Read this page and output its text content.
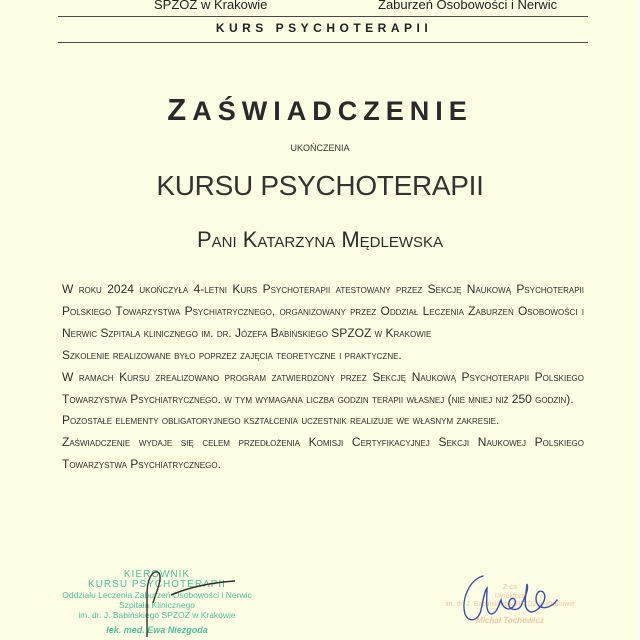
SPZOZ w Krakowie	Zaburzeń Osobowości i Nerwic
KURS PSYCHOTERAPII
ZAŚWIADCZENIE
UKOŃCZENIA
KURSU PSYCHOTERAPII
Pani Katarzyna Mędlewska

W roku 2024 ukończyła 4-letni Kurs Psychoterapii atestowany przez Sekcję Naukową Psychoterapii Polskiego Towarzystwa Psychiatrycznego, organizowany przez Oddział Leczenia Zaburzeń Osobowości i Nerwic Szpitala klinicznego im. dr. Józefa Babińskiego SPZOZ w Krakowie

Szkolenie realizowane było poprzez zajęcia teoretyczne i praktyczne.

W ramach Kursu zrealizowano program zatwierdzony przez Sekcję Naukową Psychoterapii Polskiego Towarzystwa Psychiatrycznego. w tym wymagana liczba godzin terapii własnej (nie mniej niż 250 godzin).

Pozostałe elementy obligatoryjnego kształcenia uczestnik realizuje we własnym zakresie.

Zaświadczenie wydaje się celem przedłożenia Komisji Certyfikacyjnej Sekcji Naukowej Polskiego Towarzystwa Psychiatrycznego.

KIEROWNIK
KURSU PSYCHOTERAPII
Oddziału Leczenia Zaburzeń Osobowości i Nerwic
Szpitala Klinicznego
im. dr. J. Babińskiego SPZOZ w Krakowie
lek. med. Ewa Niezgoda
Z-ca
Dyrektora
im. dr. J. Babińskiego SPZOZ w Krakowie
Michał Tochowicz
